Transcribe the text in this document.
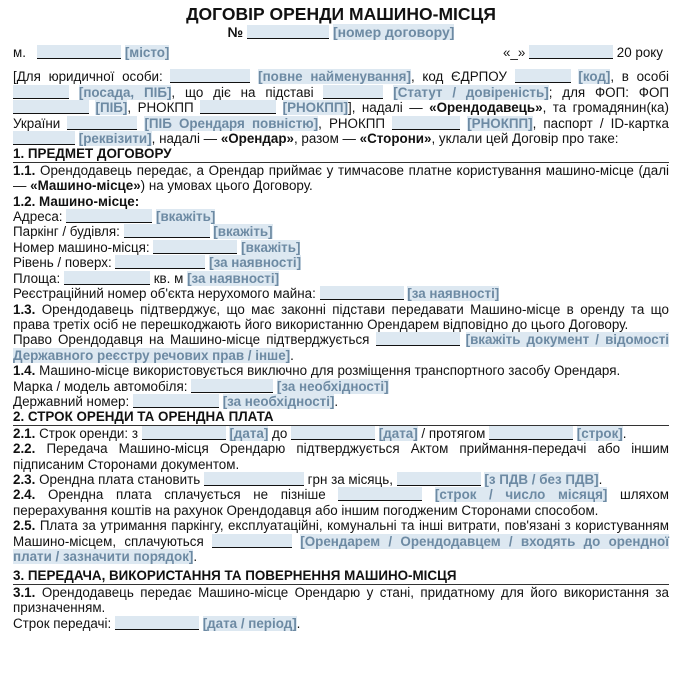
ДОГОВІР ОРЕНДИ МАШИНО-МІСЦЯ
№	[номер договору]
м.	[місто]	«_»	20 року

[Для юридичної особи:	[повне найменування], код ЄДРПОУ	[код], в особі  [посада, ПІБ], що діє на підставі	[Статут / довіреність]; для ФОП: ФОП  [ПІБ], РНОКПП	[РНОКПП]], надалі — «Орендодавець», та громадянин(ка) України	[ПІБ Орендаря повністю], РНОКПП	[РНОКПП], паспорт / ID-картка  [реквізити], надалі — «Орендар», разом — «Сторони», уклали цей Договір про таке:

1. ПРЕДМЕТ ДОГОВОРУ

1.1. Орендодавець передає, а Орендар приймає у тимчасове платне користування машино-місце (далі — «Машино-місце») на умовах цього Договору.

1.2. Машино-місце:

Адреса:	[вкажіть]

Паркінг / будівля:	[вкажіть]

Номер машино-місця:	[вкажіть]

Рівень / поверх:	[за наявності]

Площа:	кв. м [за наявності]

Реєстраційний номер об'єкта нерухомого майна:	[за наявності]

1.3. Орендодавець підтверджує, що має законні підстави передавати Машино-місце в оренду та що права третіх осіб не перешкоджають його використанню Орендарем відповідно до цього Договору.

Право Орендодавця на Машино-місце підтверджується	[вкажіть документ / відомості Державного реєстру речових прав / інше].

1.4. Машино-місце використовується виключно для розміщення транспортного засобу Орендаря.

Марка / модель автомобіля:	[за необхідності]

Державний номер:	[за необхідності].

2. СТРОК ОРЕНДИ ТА ОРЕНДНА ПЛАТА

2.1. Строк оренди: з	[дата] до	[дата] / протягом	[строк].

2.2. Передача Машино-місця Орендарю підтверджується Актом приймання-передачі або іншим підписаним Сторонами документом.

2.3. Орендна плата становить	грн за місяць,	[з ПДВ / без ПДВ].

2.4. Орендна плата сплачується не пізніше	[строк / число місяця] шляхом перерахування коштів на рахунок Орендодавця або іншим погодженим Сторонами способом.

2.5. Плата за утримання паркінгу, експлуатаційні, комунальні та інші витрати, пов'язані з користуванням Машино-місцем, сплачуються	[Орендарем / Орендодавцем / входять до орендної плати / зазначити порядок].

3. ПЕРЕДАЧА, ВИКОРИСТАННЯ ТА ПОВЕРНЕННЯ МАШИНО-МІСЦЯ

3.1. Орендодавець передає Машино-місце Орендарю у стані, придатному для його використання за призначенням.

Строк передачі:	[дата / період].
